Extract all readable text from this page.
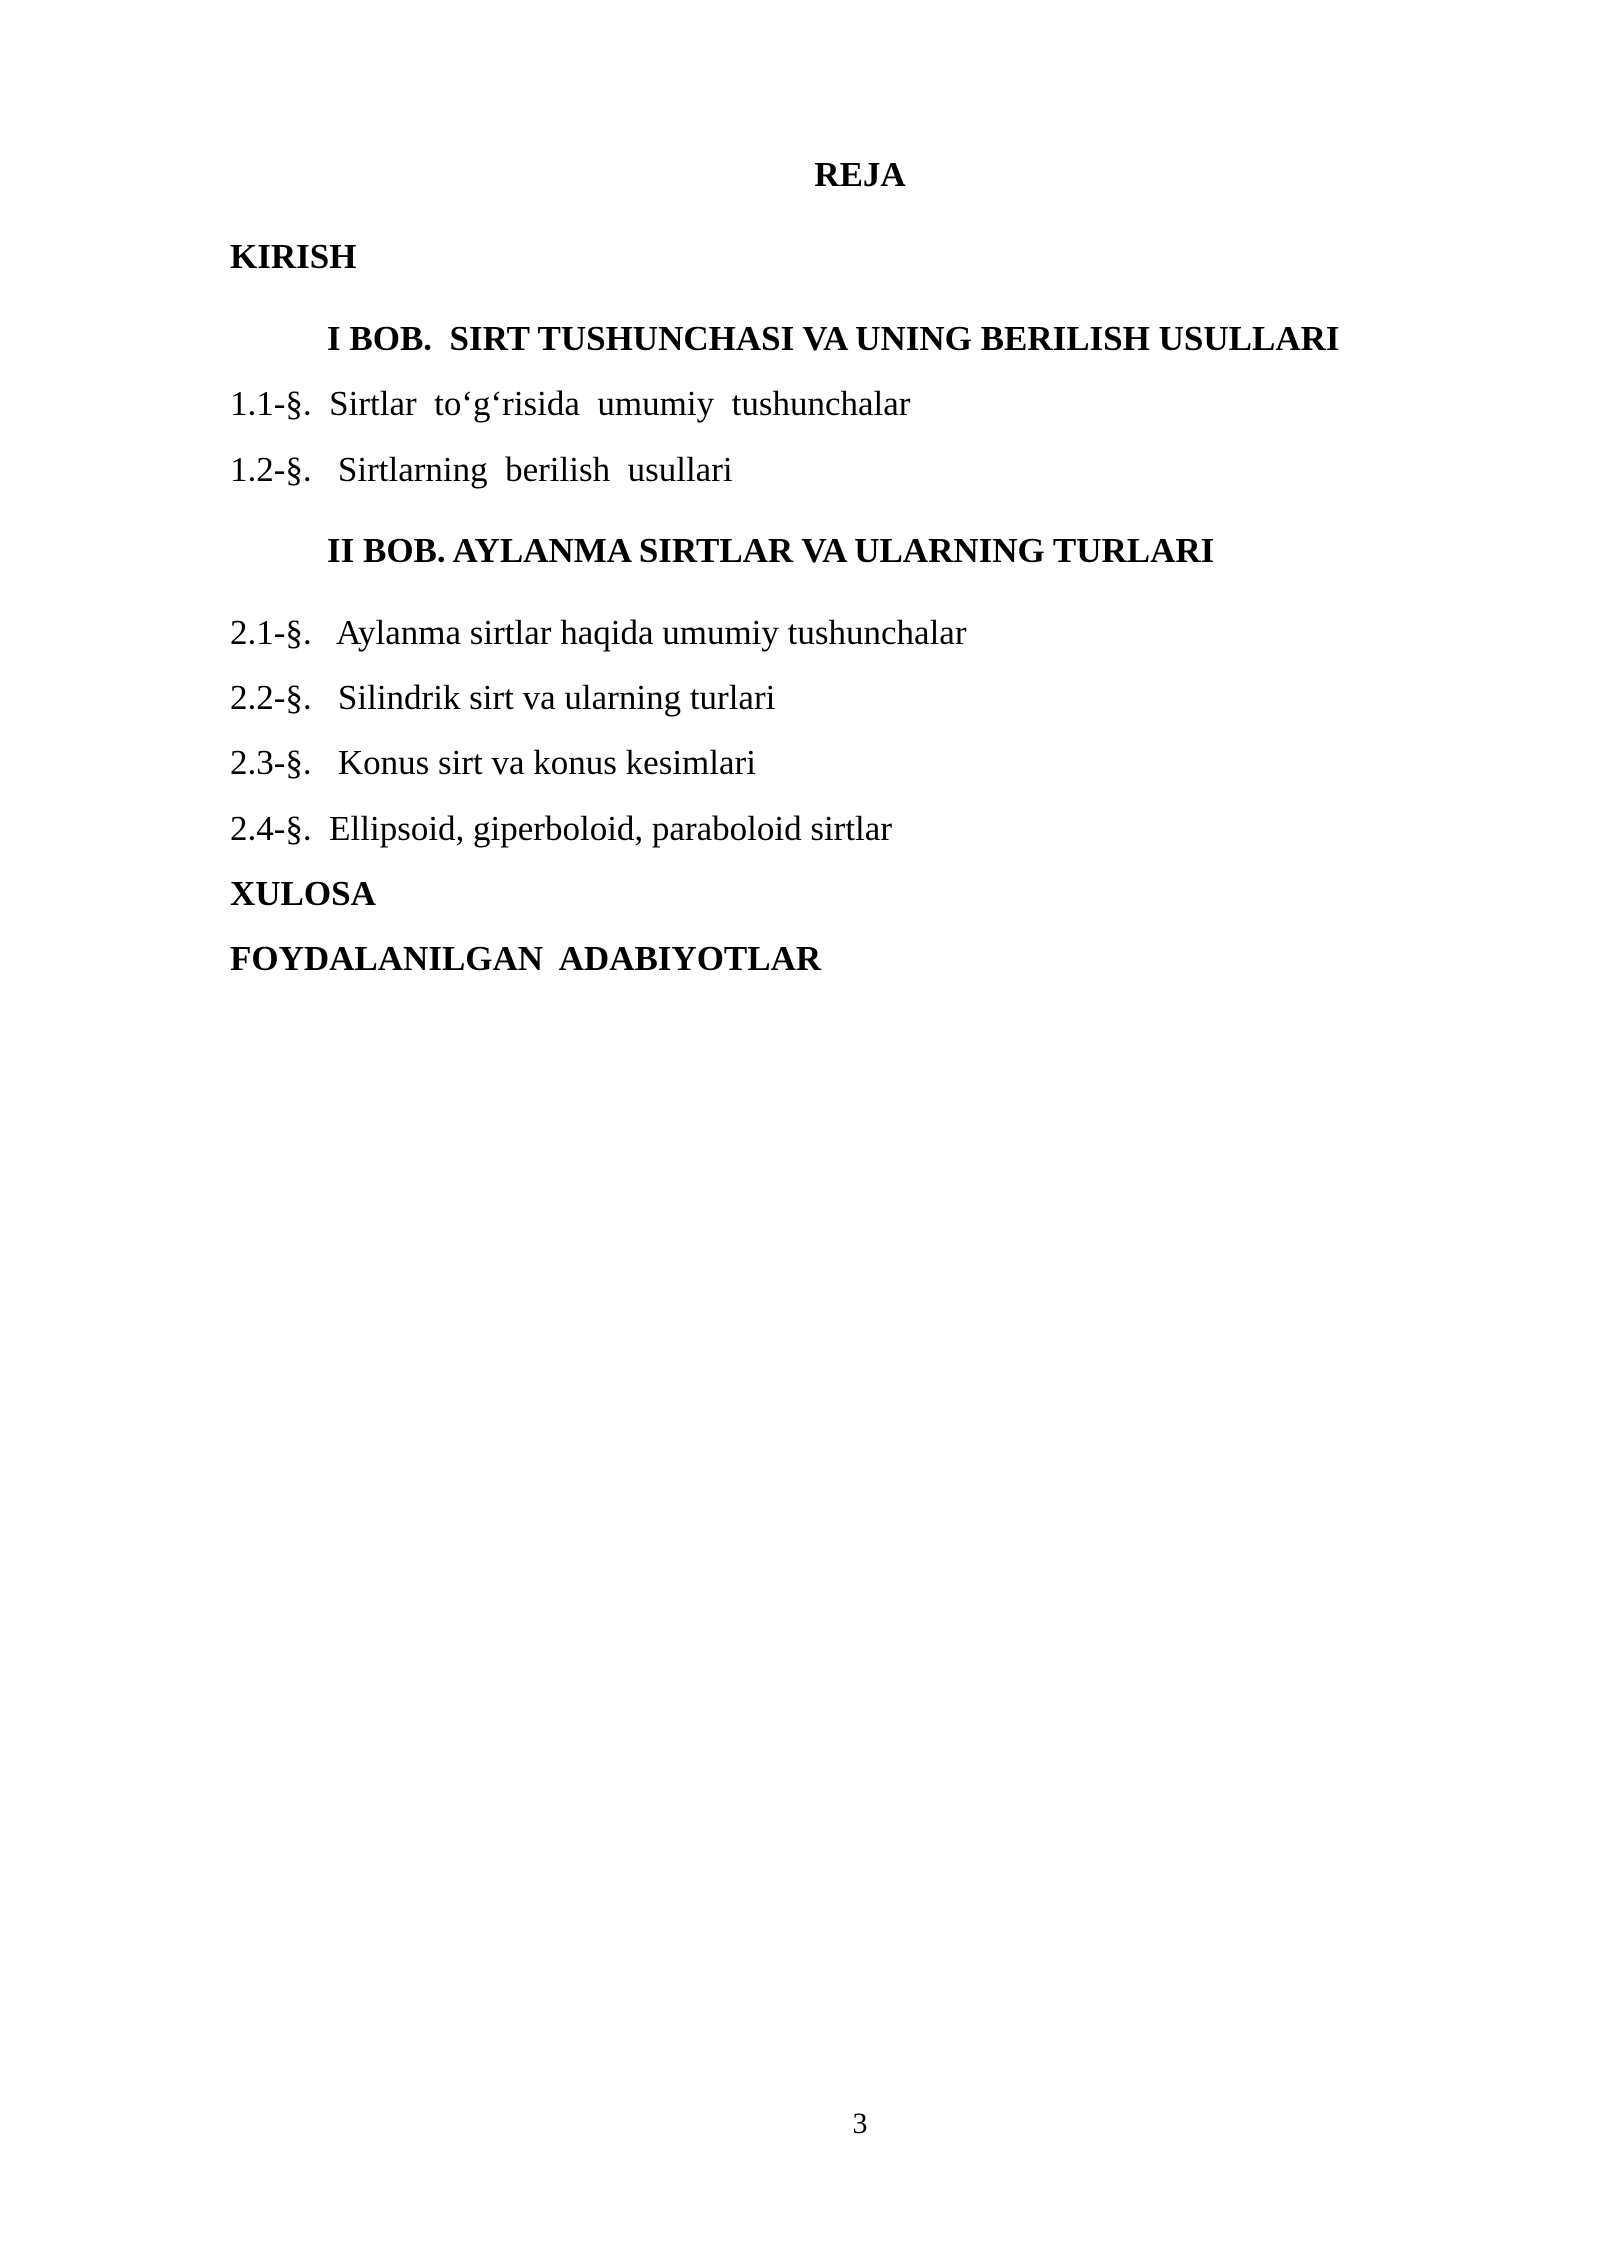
REJA
KIRISH
I BOB.  SIRT TUSHUNCHASI VA UNING BERILISH USULLARI
1.1-§.  Sirtlar  to‘g‘risida  umumiy  tushunchalar
1.2-§.   Sirtlarning  berilish  usullari
II BOB. AYLANMA SIRTLAR VA ULARNING TURLARI
2.1-§.   Aylanma sirtlar haqida umumiy tushunchalar
2.2-§.   Silindrik sirt va ularning turlari
2.3-§.   Konus sirt va konus kesimlari
2.4-§.  Ellipsoid, giperboloid, paraboloid sirtlar
XULOSA
FOYDALANILGAN  ADABIYOTLAR
3
